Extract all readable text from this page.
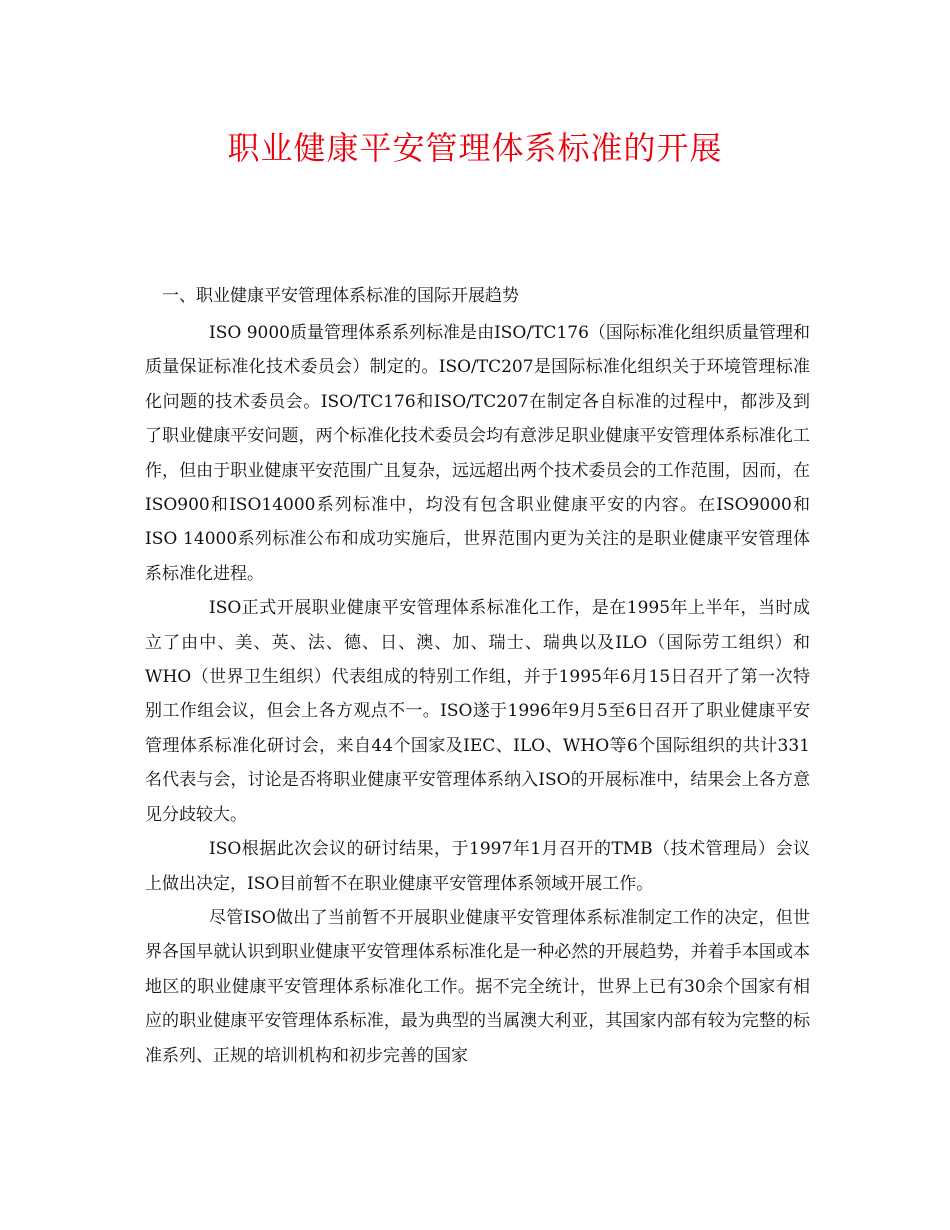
职业健康平安管理体系标准的开展
一、职业健康平安管理体系标准的国际开展趋势

ISO 9000质量管理体系系列标准是由ISO/TC176（国际标准化组织质量管理和质量保证标准化技术委员会）制定的。ISO/TC207是国际标准化组织关于环境管理标准化问题的技术委员会。ISO/TC176和ISO/TC207在制定各自标准的过程中，都涉及到了职业健康平安问题，两个标准化技术委员会均有意涉足职业健康平安管理体系标准化工作，但由于职业健康平安范围广且复杂，远远超出两个技术委员会的工作范围，因而，在ISO900和ISO14000系列标准中，均没有包含职业健康平安的内容。在ISO9000和ISO 14000系列标准公布和成功实施后，世界范围内更为关注的是职业健康平安管理体系标准化进程。

ISO正式开展职业健康平安管理体系标准化工作，是在1995年上半年，当时成立了由中、美、英、法、德、日、澳、加、瑞士、瑞典以及ILO（国际劳工组织）和WHO（世界卫生组织）代表组成的特别工作组，并于1995年6月15日召开了第一次特别工作组会议，但会上各方观点不一。ISO遂于1996年9月5至6日召开了职业健康平安管理体系标准化研讨会，来自44个国家及IEC、ILO、WHO等6个国际组织的共计331名代表与会，讨论是否将职业健康平安管理体系纳入ISO的开展标准中，结果会上各方意见分歧较大。

ISO根据此次会议的研讨结果，于1997年1月召开的TMB（技术管理局）会议上做出决定，ISO目前暂不在职业健康平安管理体系领域开展工作。

尽管ISO做出了当前暂不开展职业健康平安管理体系标准制定工作的决定，但世界各国早就认识到职业健康平安管理体系标准化是一种必然的开展趋势，并着手本国或本地区的职业健康平安管理体系标准化工作。据不完全统计，世界上已有30余个国家有相应的职业健康平安管理体系标准，最为典型的当属澳大利亚，其国家内部有较为完整的标准系列、正规的培训机构和初步完善的国家
